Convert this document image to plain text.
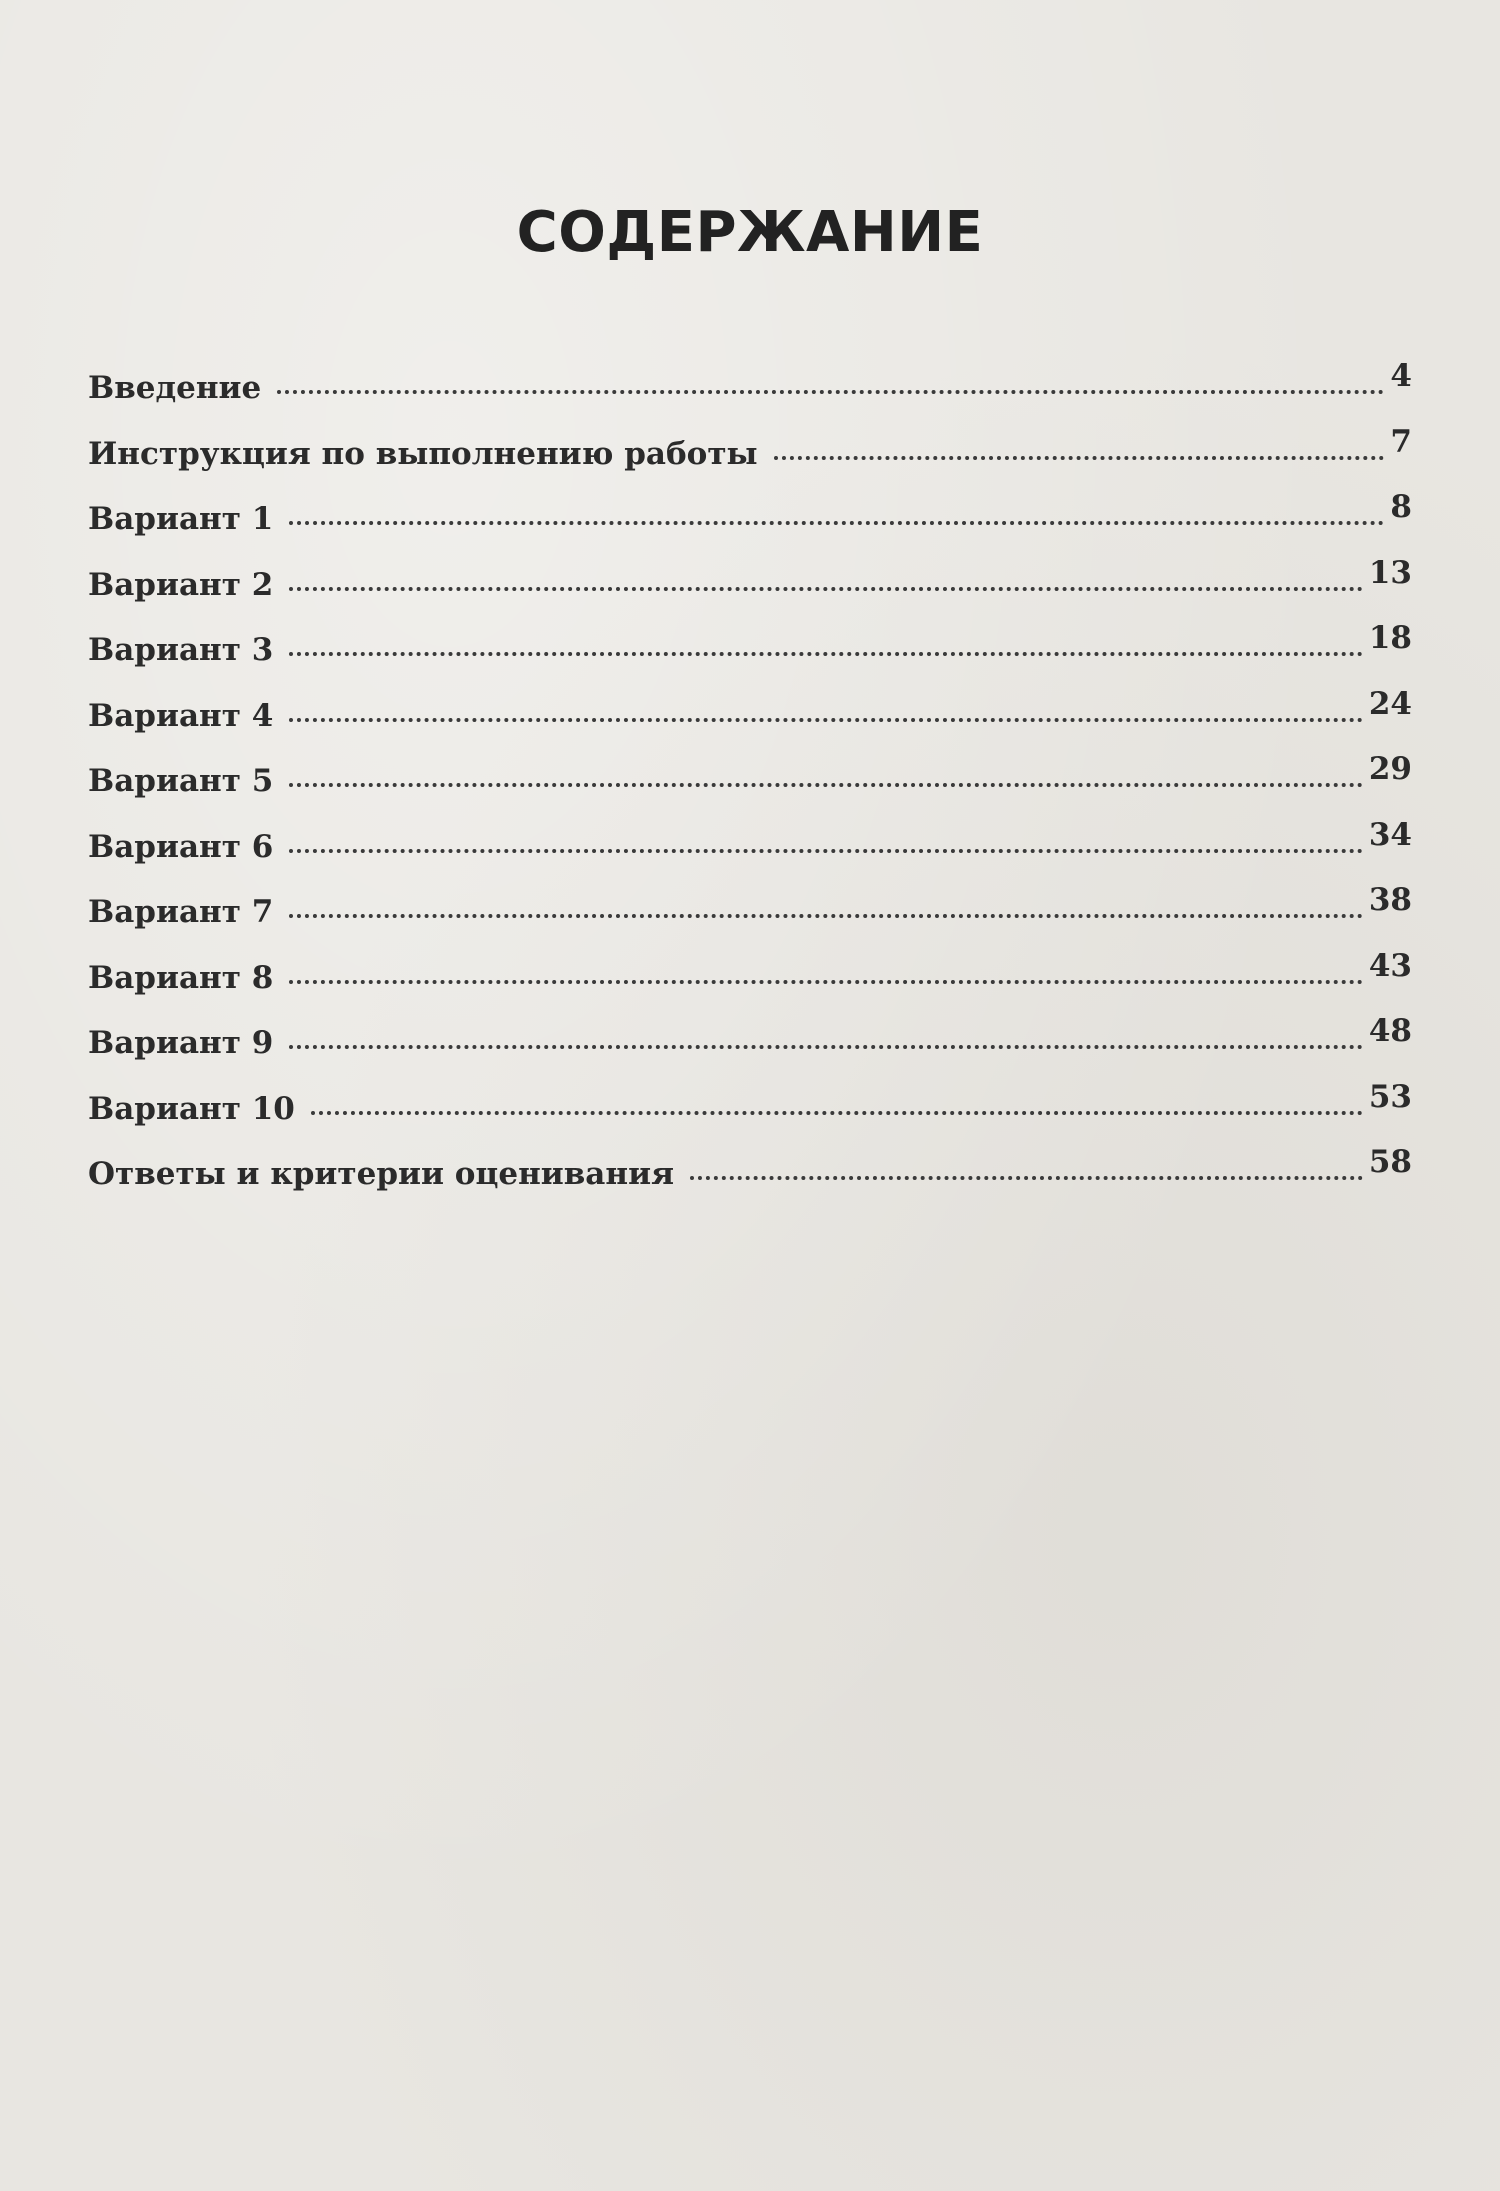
СОДЕРЖАНИЕ
Введение	4
Инструкция по выполнению работы	7
Вариант 1	8
Вариант 2	13
Вариант 3	18
Вариант 4	24
Вариант 5	29
Вариант 6	34
Вариант 7	38
Вариант 8	43
Вариант 9	48
Вариант 10	53
Ответы и критерии оценивания	58
